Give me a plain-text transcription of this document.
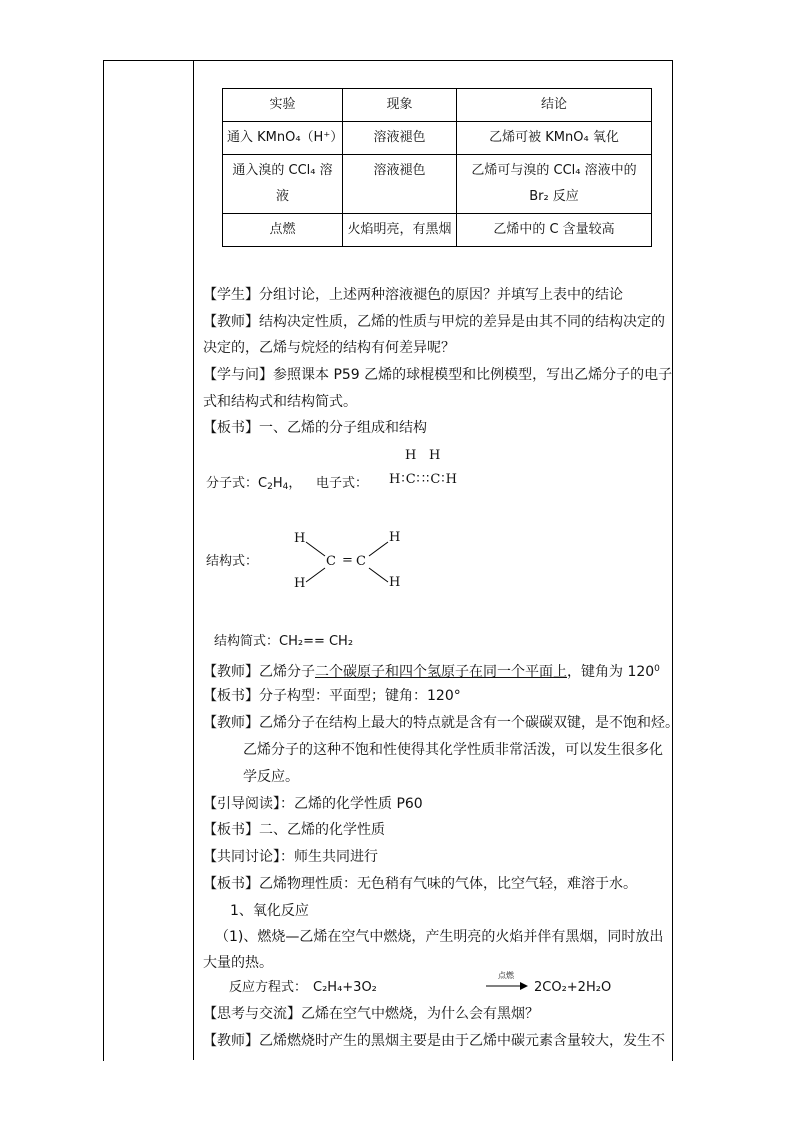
实验	现象	结论
通入 KMnO₄（H⁺）	溶液褪色	乙烯可被 KMnO₄ 氧化
通入溴的 CCl₄ 溶液	溶液褪色	乙烯可与溴的 CCl₄ 溶液中的 Br₂ 反应
点燃	火焰明亮，有黑烟	乙烯中的 C 含量较高
【学生】分组讨论，上述两种溶液褪色的原因？并填写上表中的结论
【教师】结构决定性质，乙烯的性质与甲烷的差异是由其不同的结构决定的
决定的，乙烯与烷烃的结构有何差异呢？
【学与问】参照课本 P59 乙烯的球棍模型和比例模型，写出乙烯分子的电子
式和结构式和结构简式。
【板书】一、乙烯的分子组成和结构
分子式：$C_2H_4$， 电子式：
H H
H∶C∷∶C∶H
结构式：
H	H
H	H
C = C
结构简式：CH₂== CH₂
【教师】乙烯分子二个碳原子和四个氢原子在同一个平面上，键角为 $120^0$
【板书】分子构型：平面型；键角：120°
【教师】乙烯分子在结构上最大的特点就是含有一个碳碳双键，是不饱和烃。
乙烯分子的这种不饱和性使得其化学性质非常活泼，可以发生很多化
学反应。
【引导阅读】：乙烯的化学性质 P60
【板书】二、乙烯的化学性质
【共同讨论】：师生共同进行
【板书】乙烯物理性质：无色稍有气味的气体，比空气轻，难溶于水。
1、氧化反应
（1)、燃烧—乙烯在空气中燃烧，产生明亮的火焰并伴有黑烟，同时放出
大量的热。
反应方程式： C₂H₄+3O₂
点燃
2CO₂+2H₂O
【思考与交流】乙烯在空气中燃烧，为什么会有黑烟？
【教师】乙烯燃烧时产生的黑烟主要是由于乙烯中碳元素含量较大，发生不
